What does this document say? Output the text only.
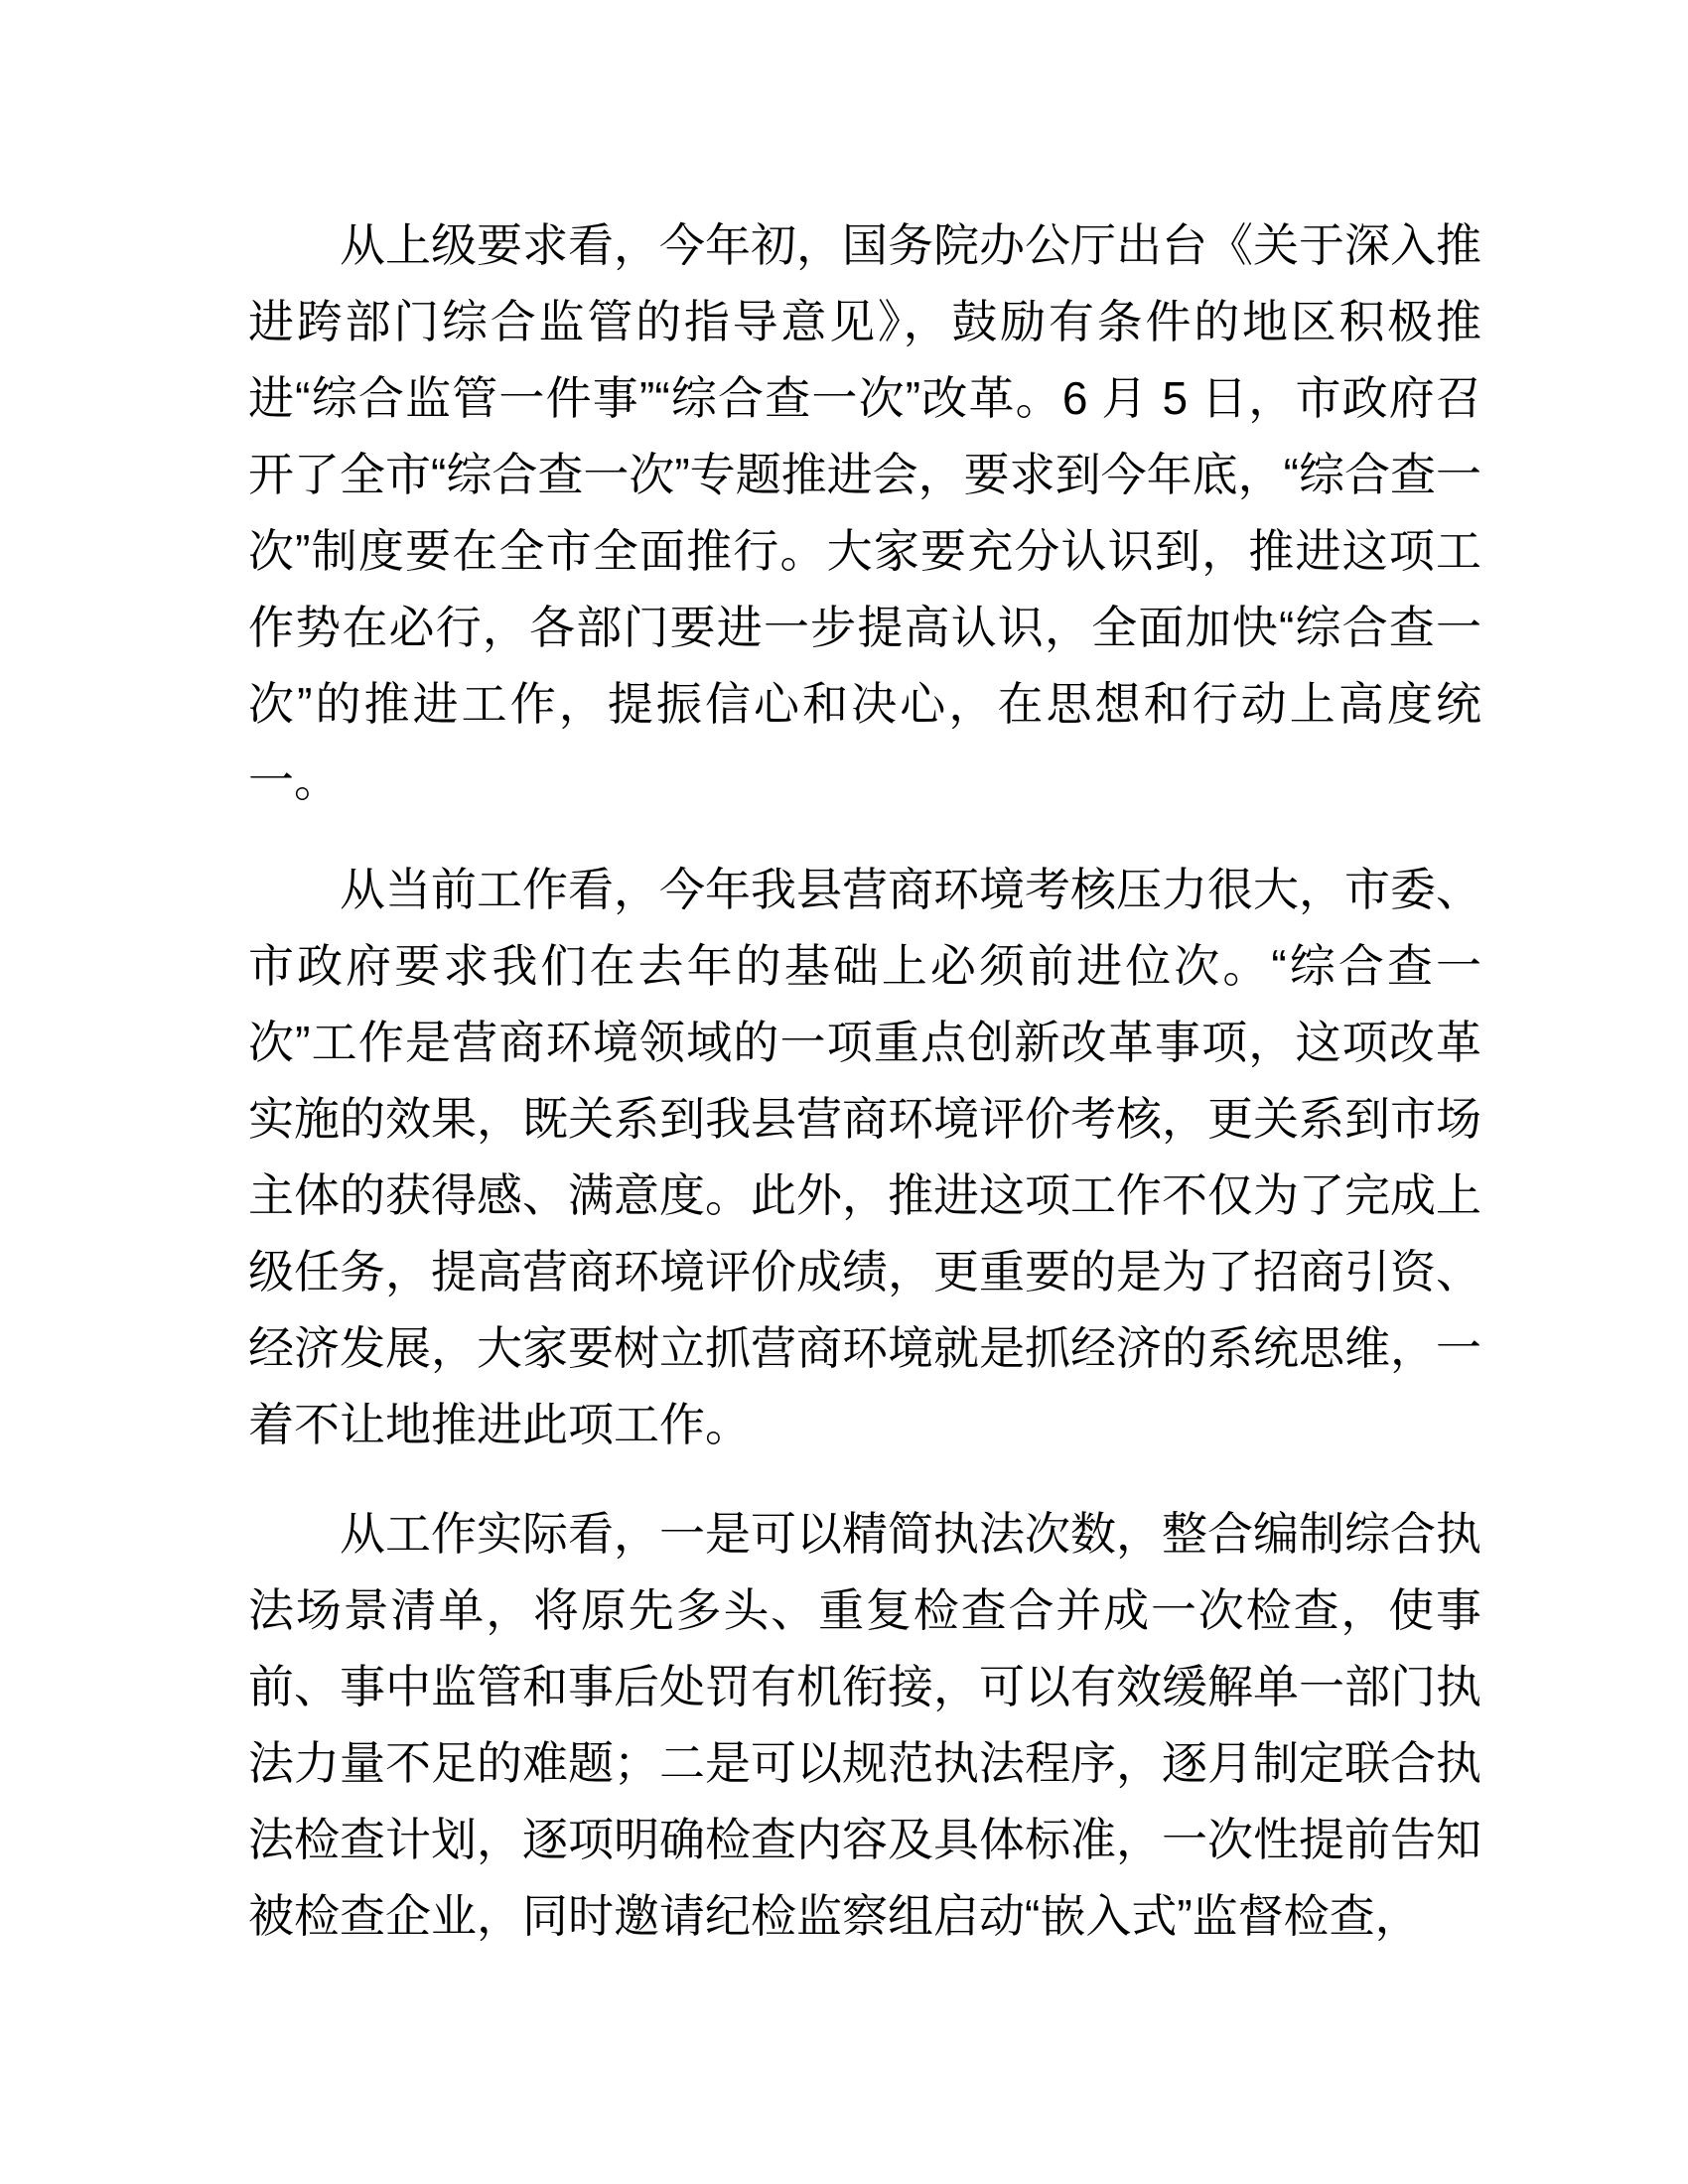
从上级要求看，今年初，国务院办公厅出台《关于深入推进跨部门综合监管的指导意见》，鼓励有条件的地区积极推进“综合监管一件事”“综合查一次”改革。6 月 5 日，市政府召开了全市“综合查一次”专题推进会，要求到今年底，“综合查一次”制度要在全市全面推行。大家要充分认识到，推进这项工作势在必行，各部门要进一步提高认识，全面加快“综合查一次”的推进工作，提振信心和决心，在思想和行动上高度统一。

从当前工作看，今年我县营商环境考核压力很大，市委、市政府要求我们在去年的基础上必须前进位次。“综合查一次”工作是营商环境领域的一项重点创新改革事项，这项改革实施的效果，既关系到我县营商环境评价考核，更关系到市场主体的获得感、满意度。此外，推进这项工作不仅为了完成上级任务，提高营商环境评价成绩，更重要的是为了招商引资、经济发展，大家要树立抓营商环境就是抓经济的系统思维，一着不让地推进此项工作。

从工作实际看，一是可以精简执法次数，整合编制综合执法场景清单，将原先多头、重复检查合并成一次检查，使事前、事中监管和事后处罚有机衔接，可以有效缓解单一部门执法力量不足的难题；二是可以规范执法程序，逐月制定联合执法检查计划，逐项明确检查内容及具体标准，一次性提前告知被检查企业，同时邀请纪检监察组启动“嵌入式”监督检查，
